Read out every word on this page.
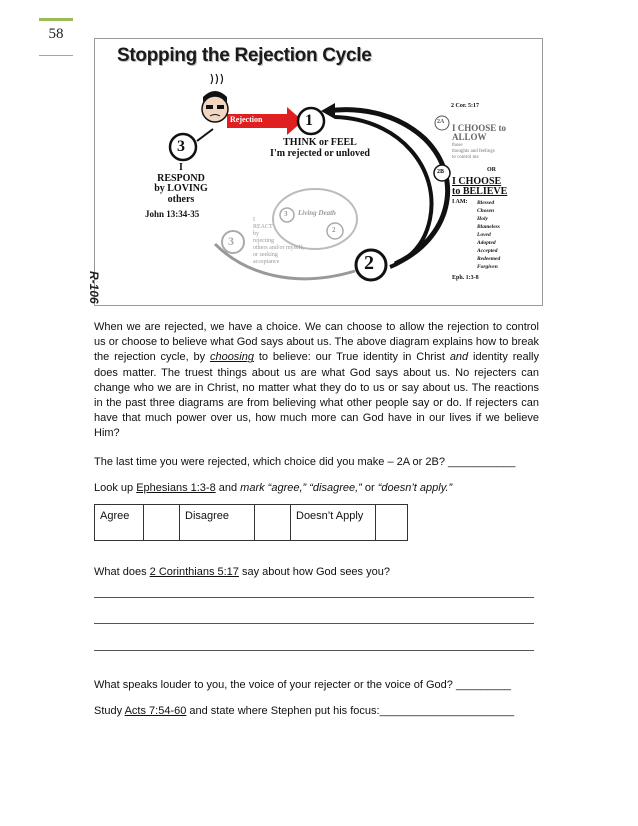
58
Stopping the Rejection Cycle
Rejection	1
THINK or FEEL
I'm rejected or unloved
3
I
RESPOND
by LOVING
others
John 13:34-35	Living Death
2
3
3
I
REACT
by
rejecting
others and/or myself,
or seeking
acceptance	2
R-106
2 Cor. 5:17
2A
I CHOOSE to
ALLOW
those
thoughts and feelings
to control me
OR
2B
I CHOOSE
to BELIEVE
I AM: Blessed
Chosen
Holy
Blameless
Loved
Adopted
Accepted
Redeemed
Forgiven
Eph. 1:3-8

When we are rejected, we have a choice. We can choose to allow the rejection to control us or choose to believe what God says about us. The above diagram explains how to break the rejection cycle, by choosing to believe: our True identity in Christ and identity really does matter. The truest things about us are what God says about us. No rejecters can change who we are in Christ, no matter what they do to us or say about us. The reactions in the past three diagrams are from believing what other people say or do. If rejecters can have that much power over us, how much more can God have in our lives if we believe Him?

The last time you were rejected, which choice did you make – 2A or 2B? ___________
Look up Ephesians 1:3-8 and mark “agree,” “disagree,” or “doesn’t apply.”
Agree		Disagree		Doesn’t Apply	
What does 2 Corinthians 5:17 say about how God sees you?
What speaks louder to you, the voice of your rejecter or the voice of God? _________
Study Acts 7:54-60 and state where Stephen put his focus:______________________
